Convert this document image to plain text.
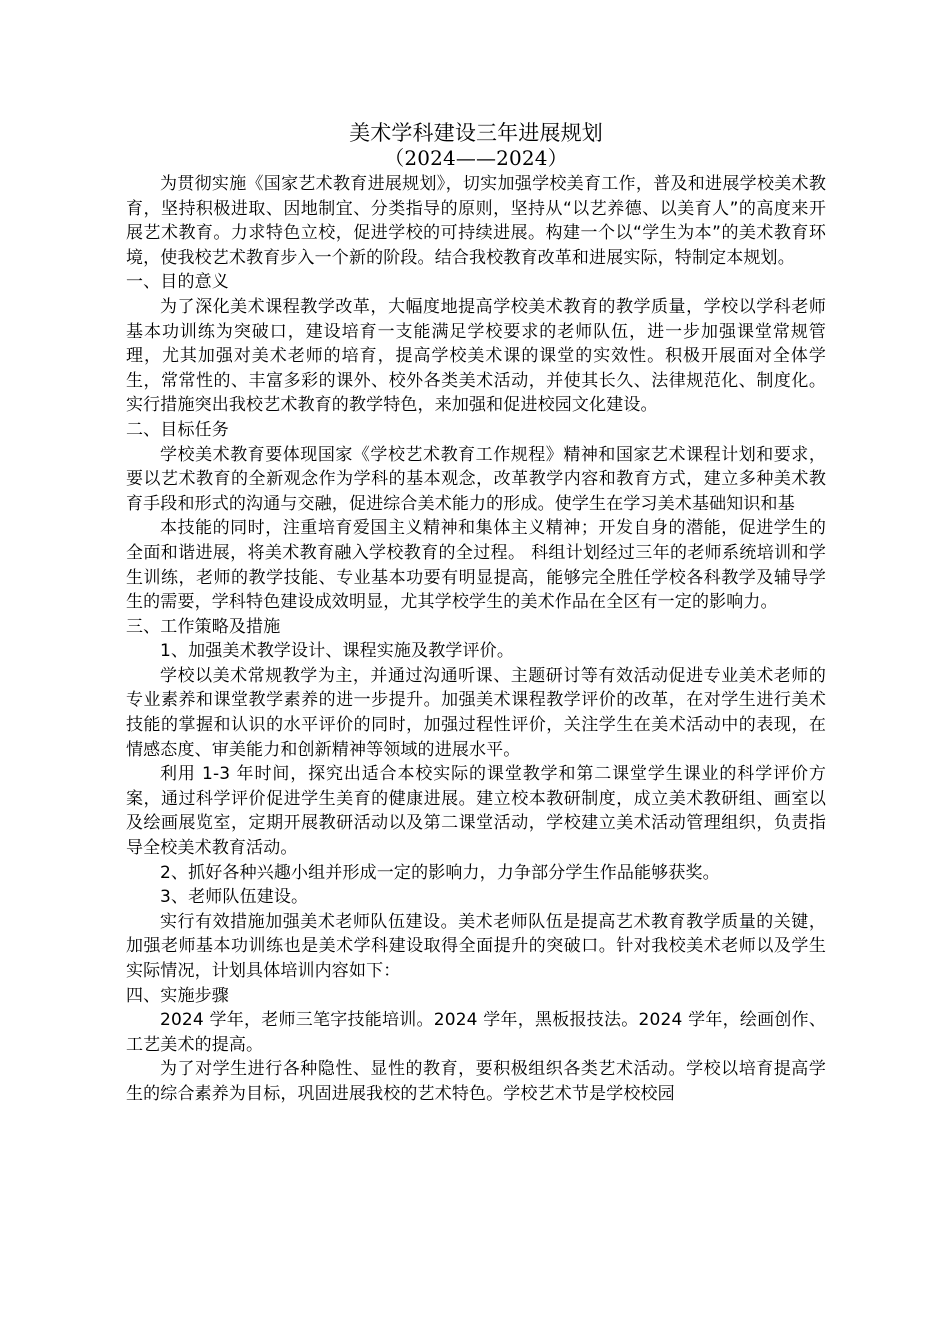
美术学科建设三年进展规划
（2024——2024）

为贯彻实施《国家艺术教育进展规划》，切实加强学校美育工作，普及和进展学校美术教育，坚持积极进取、因地制宜、分类指导的原则，坚持从“以艺养德、以美育人”的高度来开展艺术教育。力求特色立校，促进学校的可持续进展。构建一个以“学生为本”的美术教育环境，使我校艺术教育步入一个新的阶段。结合我校教育改革和进展实际，特制定本规划。

一、目的意义

为了深化美术课程教学改革，大幅度地提高学校美术教育的教学质量，学校以学科老师基本功训练为突破口，建设培育一支能满足学校要求的老师队伍，进一步加强课堂常规管理，尤其加强对美术老师的培育，提高学校美术课的课堂的实效性。积极开展面对全体学生，常常性的、丰富多彩的课外、校外各类美术活动，并使其长久、法律规范化、制度化。实行措施突出我校艺术教育的教学特色，来加强和促进校园文化建设。

二、目标任务

学校美术教育要体现国家《学校艺术教育工作规程》精神和国家艺术课程计划和要求，要以艺术教育的全新观念作为学科的基本观念，改革教学内容和教育方式，建立多种美术教育手段和形式的沟通与交融，促进综合美术能力的形成。使学生在学习美术基础知识和基

本技能的同时，注重培育爱国主义精神和集体主义精神；开发自身的潜能，促进学生的全面和谐进展，将美术教育融入学校教育的全过程。 科组计划经过三年的老师系统培训和学生训练，老师的教学技能、专业基本功要有明显提高，能够完全胜任学校各科教学及辅导学生的需要，学科特色建设成效明显，尤其学校学生的美术作品在全区有一定的影响力。

三、工作策略及措施

1、加强美术教学设计、课程实施及教学评价。

学校以美术常规教学为主，并通过沟通听课、主题研讨等有效活动促进专业美术老师的专业素养和课堂教学素养的进一步提升。加强美术课程教学评价的改革，在对学生进行美术技能的掌握和认识的水平评价的同时，加强过程性评价，关注学生在美术活动中的表现，在情感态度、审美能力和创新精神等领域的进展水平。

利用 1-3 年时间，探究出适合本校实际的课堂教学和第二课堂学生课业的科学评价方案，通过科学评价促进学生美育的健康进展。建立校本教研制度，成立美术教研组、画室以及绘画展览室，定期开展教研活动以及第二课堂活动，学校建立美术活动管理组织，负责指导全校美术教育活动。

2、抓好各种兴趣小组并形成一定的影响力，力争部分学生作品能够获奖。

3、老师队伍建设。

实行有效措施加强美术老师队伍建设。美术老师队伍是提高艺术教育教学质量的关键，加强老师基本功训练也是美术学科建设取得全面提升的突破口。针对我校美术老师以及学生实际情况，计划具体培训内容如下：

四、实施步骤

2024 学年，老师三笔字技能培训。2024 学年，黑板报技法。2024 学年，绘画创作、工艺美术的提高。

为了对学生进行各种隐性、显性的教育，要积极组织各类艺术活动。学校以培育提高学生的综合素养为目标，巩固进展我校的艺术特色。学校艺术节是学校校园
